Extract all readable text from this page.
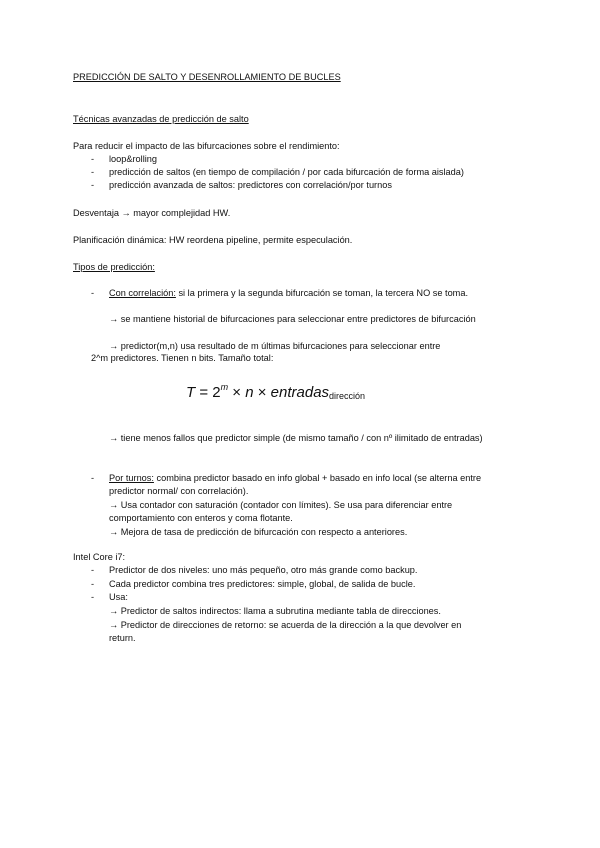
PREDICCIÓN DE SALTO Y DESENROLLAMIENTO DE BUCLES
Técnicas avanzadas de predicción de salto
Para reducir el impacto de las bifurcaciones sobre el rendimiento:
- loop&rolling
- predicción de saltos (en tiempo de compilación / por cada bifurcación de forma aislada)
- predicción avanzada de saltos: predictores con correlación/por turnos
Desventaja → mayor complejidad HW.
Planificación dinámica: HW reordena pipeline, permite especulación.
Tipos de predicción:
- Con correlación: si la primera y la segunda bifurcación se toman, la tercera NO se toma.
→ se mantiene historial de bifurcaciones para seleccionar entre predictores de bifurcación
→ predictor(m,n) usa resultado de m últimas bifurcaciones para seleccionar entre
2^m predictores. Tienen n bits. Tamaño total:
$T = 2^m \times n$ × entradas$_{dirección}$
→ tiene menos fallos que predictor simple (de mismo tamaño / con nº ilimitado de entradas)
- Por turnos: combina predictor basado en info global + basado en info local (se alterna entre
predictor normal/ con correlación).
→ Usa contador con saturación (contador con límites). Se usa para diferenciar entre
comportamiento con enteros y coma flotante.
→ Mejora de tasa de predicción de bifurcación con respecto a anteriores.
Intel Core i7:
- Predictor de dos niveles: uno más pequeño, otro más grande como backup.
- Cada predictor combina tres predictores: simple, global, de salida de bucle.
- Usa:
→ Predictor de saltos indirectos: llama a subrutina mediante tabla de direcciones.
→ Predictor de direcciones de retorno: se acuerda de la dirección a la que devolver en
return.
